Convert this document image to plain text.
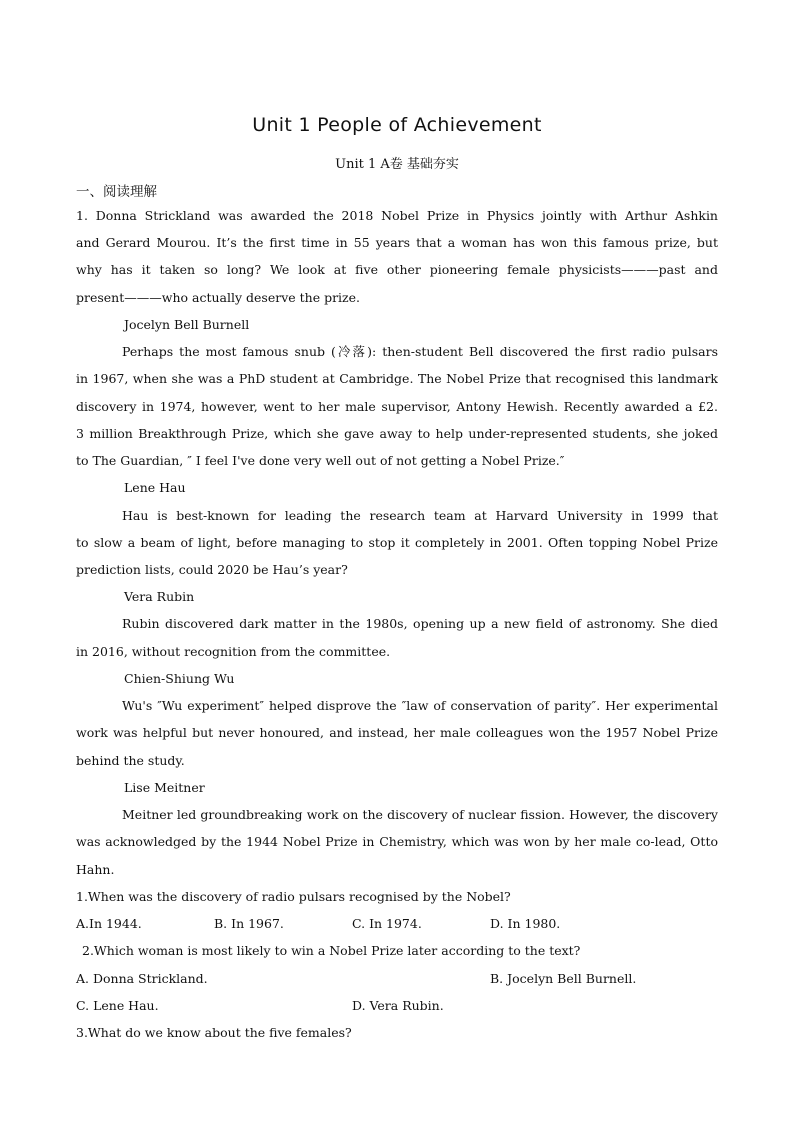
Unit 1 People of Achievement
Unit 1 A卷 基础夯实
一、阅读理解
1. Donna Strickland was awarded the 2018 Nobel Prize in Physics jointly with Arthur Ashkin
and Gerard Mourou. It’s the first time in 55 years that a woman has won this famous prize, but
why has it taken so long? We look at five other pioneering female physicists———past and
present———who actually deserve the prize.
Jocelyn Bell Burnell
Perhaps the most famous snub (冷落): then-student Bell discovered the first radio pulsars
in 1967, when she was a PhD student at Cambridge. The Nobel Prize that recognised this landmark
discovery in 1974, however, went to her male supervisor, Antony Hewish. Recently awarded a £2.
3 million Breakthrough Prize, which she gave away to help under-represented students, she joked
to The Guardian, ″ I feel I've done very well out of not getting a Nobel Prize.″
Lene Hau
Hau is best-known for leading the research team at Harvard University in 1999 that
to slow a beam of light, before managing to stop it completely in 2001. Often topping Nobel Prize
prediction lists, could 2020 be Hau’s year?
Vera Rubin
Rubin discovered dark matter in the 1980s, opening up a new field of astronomy. She died
in 2016, without recognition from the committee.
Chien-Shiung Wu
Wu's ″Wu experiment″ helped disprove the ″law of conservation of parity″. Her experimental
work was helpful but never honoured, and instead, her male colleagues won the 1957 Nobel Prize
behind the study.
Lise Meitner
Meitner led groundbreaking work on the discovery of nuclear fission. However, the discovery
was acknowledged by the 1944 Nobel Prize in Chemistry, which was won by her male co-lead, Otto
Hahn.
1.When was the discovery of radio pulsars recognised by the Nobel?
A.In 1944.	B. In 1967.	C. In 1974.	D. In 1980.
2.Which woman is most likely to win a Nobel Prize later according to the text?
A. Donna Strickland.	B. Jocelyn Bell Burnell.
C. Lene Hau.	D. Vera Rubin.
3.What do we know about the five females?
